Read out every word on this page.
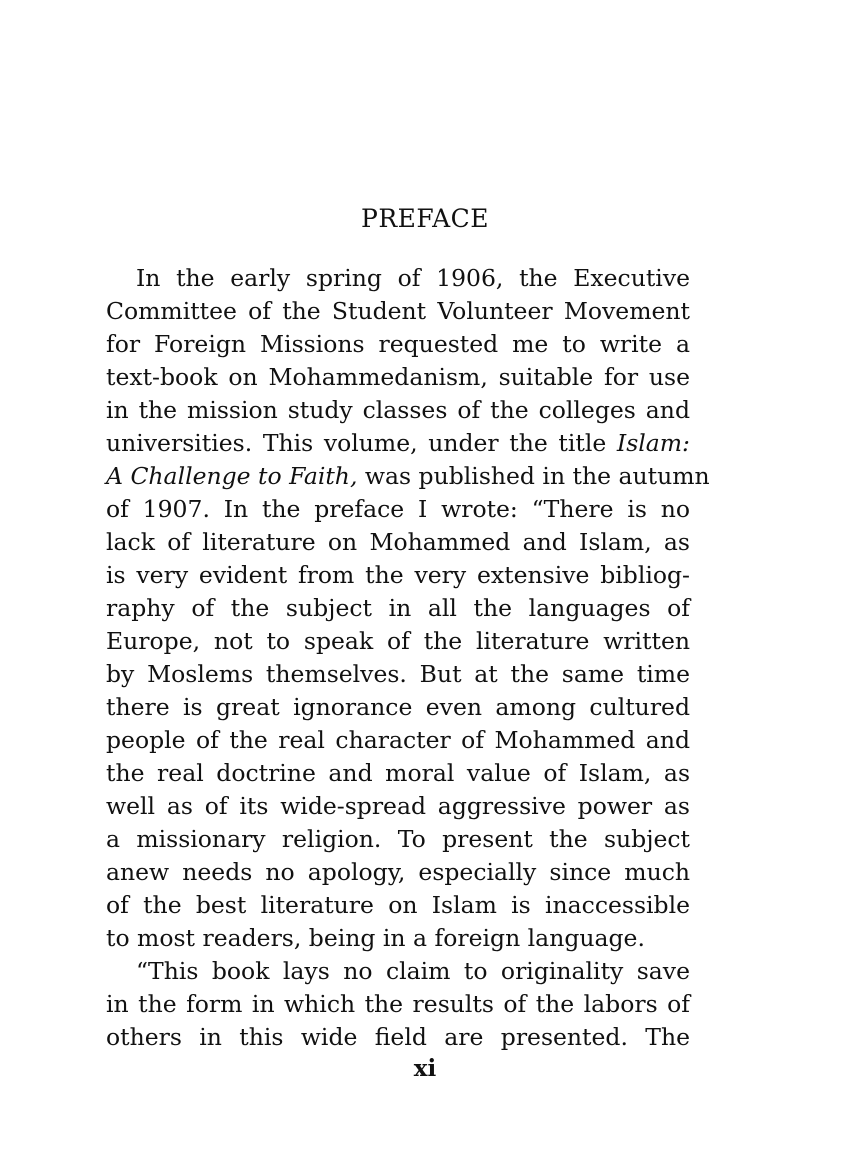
PREFACE
In the early spring of 1906, the Executive
Committee of the Student Volunteer Movement
for Foreign Missions requested me to write a
text-book on Mohammedanism, suitable for use
in the mission study classes of the colleges and
universities. This volume, under the title Islam:
A Challenge to Faith, was published in the autumn
of 1907. In the preface I wrote: “There is no
lack of literature on Mohammed and Islam, as
is very evident from the very extensive bibliog-
raphy of the subject in all the languages of
Europe, not to speak of the literature written
by Moslems themselves. But at the same time
there is great ignorance even among cultured
people of the real character of Mohammed and
the real doctrine and moral value of Islam, as
well as of its wide-spread aggressive power as
a missionary religion. To present the subject
anew needs no apology, especially since much
of the best literature on Islam is inaccessible
to most readers, being in a foreign language.
“This book lays no claim to originality save
in the form in which the results of the labors of
others in this wide field are presented. The
xi
